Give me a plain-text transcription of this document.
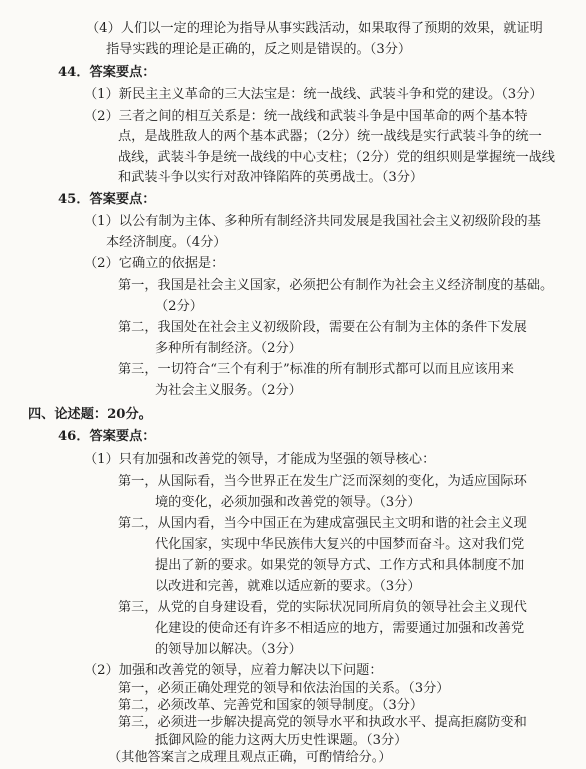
（4）人们以一定的理论为指导从事实践活动，如果取得了预期的效果，就证明
指导实践的理论是正确的，反之则是错误的。（3分）
44．答案要点：
（1）新民主主义革命的三大法宝是：统一战线、武装斗争和党的建设。（3分）
（2）三者之间的相互关系是：统一战线和武装斗争是中国革命的两个基本特
点，是战胜敌人的两个基本武器；（2分）统一战线是实行武装斗争的统一
战线，武装斗争是统一战线的中心支柱；（2分）党的组织则是掌握统一战线
和武装斗争以实行对敌冲锋陷阵的英勇战士。（3分）
45．答案要点：
（1）以公有制为主体、多种所有制经济共同发展是我国社会主义初级阶段的基
本经济制度。（4分）
（2）它确立的依据是：
第一，我国是社会主义国家，必须把公有制作为社会主义经济制度的基础。
（2分）
第二，我国处在社会主义初级阶段，需要在公有制为主体的条件下发展
多种所有制经济。（2分）
第三，一切符合“三个有利于”标准的所有制形式都可以而且应该用来
为社会主义服务。（2分）
四、论述题：20分。
46．答案要点：
（1）只有加强和改善党的领导，才能成为坚强的领导核心：
第一，从国际看，当今世界正在发生广泛而深刻的变化，为适应国际环
境的变化，必须加强和改善党的领导。（3分）
第二，从国内看，当今中国正在为建成富强民主文明和谐的社会主义现
代化国家，实现中华民族伟大复兴的中国梦而奋斗。这对我们党
提出了新的要求。如果党的领导方式、工作方式和具体制度不加
以改进和完善，就难以适应新的要求。（3分）
第三，从党的自身建设看，党的实际状况同所肩负的领导社会主义现代
化建设的使命还有许多不相适应的地方，需要通过加强和改善党
的领导加以解决。（3分）
（2）加强和改善党的领导，应着力解决以下问题：
第一，必须正确处理党的领导和依法治国的关系。（3分）
第二，必须改革、完善党和国家的领导制度。（3分）
第三，必须进一步解决提高党的领导水平和执政水平、提高拒腐防变和
抵御风险的能力这两大历史性课题。（3分）
（其他答案言之成理且观点正确，可酌情给分。）
